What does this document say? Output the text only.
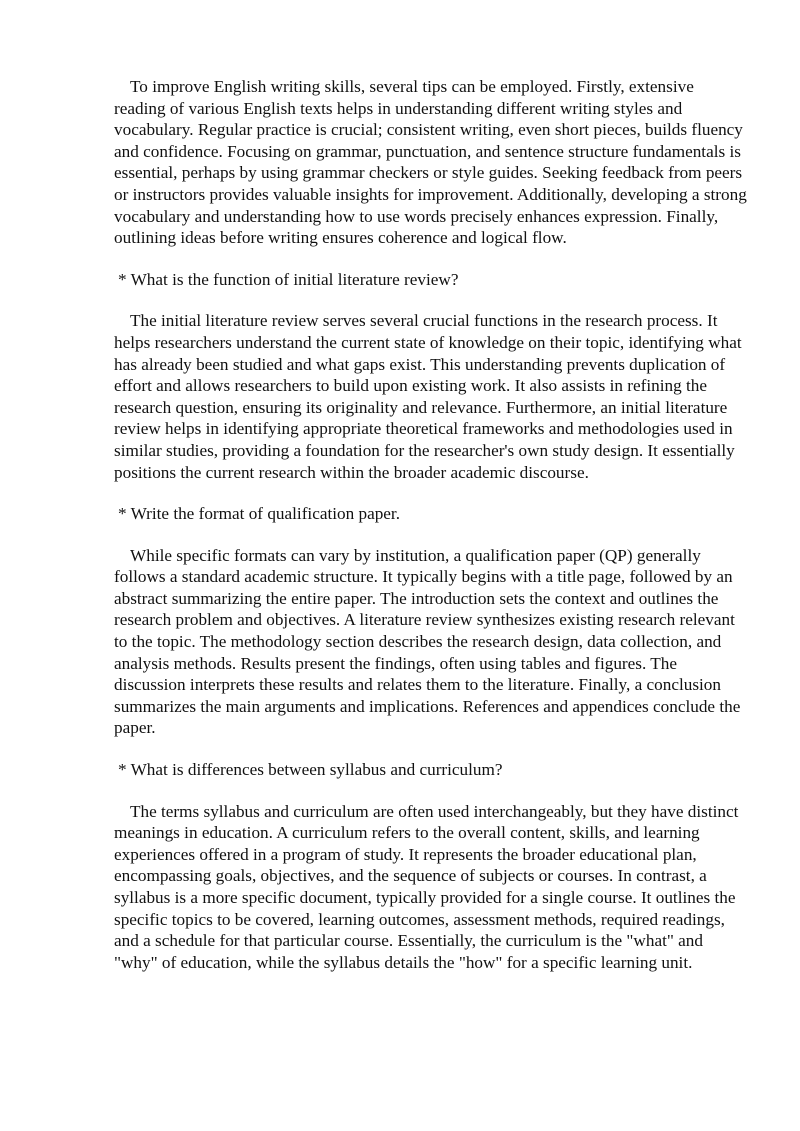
To improve English writing skills, several tips can be employed. Firstly, extensive reading of various English texts helps in understanding different writing styles and vocabulary. Regular practice is crucial; consistent writing, even short pieces, builds fluency and confidence. Focusing on grammar, punctuation, and sentence structure fundamentals is essential, perhaps by using grammar checkers or style guides. Seeking feedback from peers or instructors provides valuable insights for improvement. Additionally, developing a strong vocabulary and understanding how to use words precisely enhances expression. Finally, outlining ideas before writing ensures coherence and logical flow.

* What is the function of initial literature review?

The initial literature review serves several crucial functions in the research process. It helps researchers understand the current state of knowledge on their topic, identifying what has already been studied and what gaps exist. This understanding prevents duplication of effort and allows researchers to build upon existing work. It also assists in refining the research question, ensuring its originality and relevance. Furthermore, an initial literature review helps in identifying appropriate theoretical frameworks and methodologies used in similar studies, providing a foundation for the researcher's own study design. It essentially positions the current research within the broader academic discourse.

* Write the format of qualification paper.

While specific formats can vary by institution, a qualification paper (QP) generally follows a standard academic structure. It typically begins with a title page, followed by an abstract summarizing the entire paper. The introduction sets the context and outlines the research problem and objectives. A literature review synthesizes existing research relevant to the topic. The methodology section describes the research design, data collection, and analysis methods. Results present the findings, often using tables and figures. The discussion interprets these results and relates them to the literature. Finally, a conclusion summarizes the main arguments and implications. References and appendices conclude the paper.

* What is differences between syllabus and curriculum?

The terms syllabus and curriculum are often used interchangeably, but they have distinct meanings in education. A curriculum refers to the overall content, skills, and learning experiences offered in a program of study. It represents the broader educational plan, encompassing goals, objectives, and the sequence of subjects or courses. In contrast, a syllabus is a more specific document, typically provided for a single course. It outlines the specific topics to be covered, learning outcomes, assessment methods, required readings, and a schedule for that particular course. Essentially, the curriculum is the "what" and "why" of education, while the syllabus details the "how" for a specific learning unit.
